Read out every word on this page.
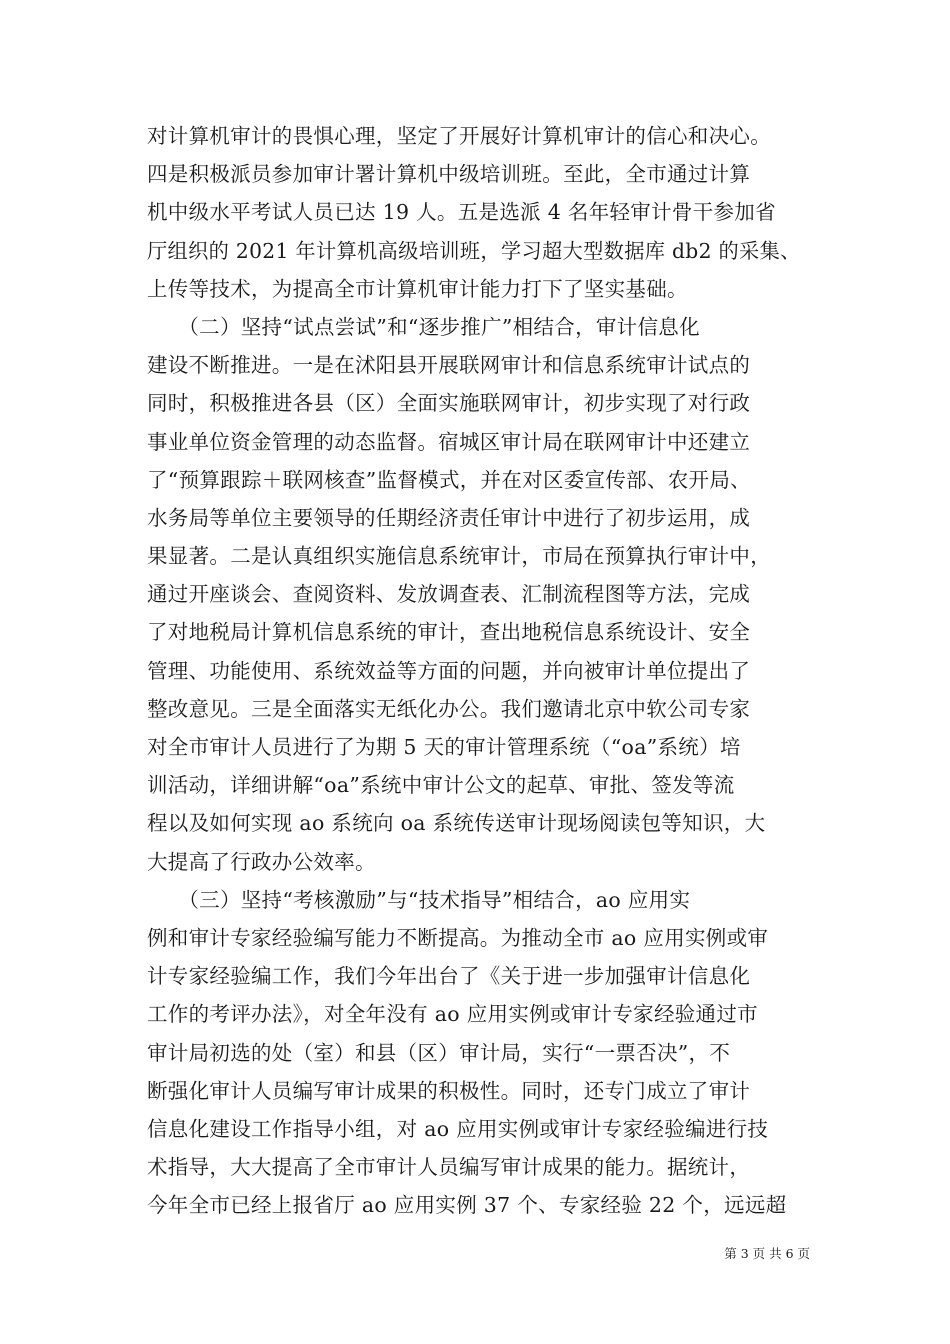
对计算机审计的畏惧心理，坚定了开展好计算机审计的信心和决心。
四是积极派员参加审计署计算机中级培训班。至此，全市通过计算
机中级水平考试人员已达 19 人。五是选派 4 名年轻审计骨干参加省
厅组织的 2021 年计算机高级培训班，学习超大型数据库 db2 的采集、
上传等技术，为提高全市计算机审计能力打下了坚实基础。
　　（二）坚持“试点尝试”和“逐步推广”相结合，审计信息化
建设不断推进。一是在沭阳县开展联网审计和信息系统审计试点的
同时，积极推进各县（区）全面实施联网审计，初步实现了对行政
事业单位资金管理的动态监督。宿城区审计局在联网审计中还建立
了“预算跟踪＋联网核查”监督模式，并在对区委宣传部、农开局、
水务局等单位主要领导的任期经济责任审计中进行了初步运用，成
果显著。二是认真组织实施信息系统审计，市局在预算执行审计中，
通过开座谈会、查阅资料、发放调查表、汇制流程图等方法，完成
了对地税局计算机信息系统的审计，查出地税信息系统设计、安全
管理、功能使用、系统效益等方面的问题，并向被审计单位提出了
整改意见。三是全面落实无纸化办公。我们邀请北京中软公司专家
对全市审计人员进行了为期 5 天的审计管理系统（“oa”系统）培
训活动，详细讲解“oa”系统中审计公文的起草、审批、签发等流
程以及如何实现 ao 系统向 oa 系统传送审计现场阅读包等知识，大
大提高了行政办公效率。
　　（三）坚持“考核激励”与“技术指导”相结合，ao 应用实
例和审计专家经验编写能力不断提高。为推动全市 ao 应用实例或审
计专家经验编工作，我们今年出台了《关于进一步加强审计信息化
工作的考评办法》，对全年没有 ao 应用实例或审计专家经验通过市
审计局初选的处（室）和县（区）审计局，实行“一票否决”，不
断强化审计人员编写审计成果的积极性。同时，还专门成立了审计
信息化建设工作指导小组，对 ao 应用实例或审计专家经验编进行技
术指导，大大提高了全市审计人员编写审计成果的能力。据统计，
今年全市已经上报省厅 ao 应用实例 37 个、专家经验 22 个，远远超
第 3 页 共 6 页
